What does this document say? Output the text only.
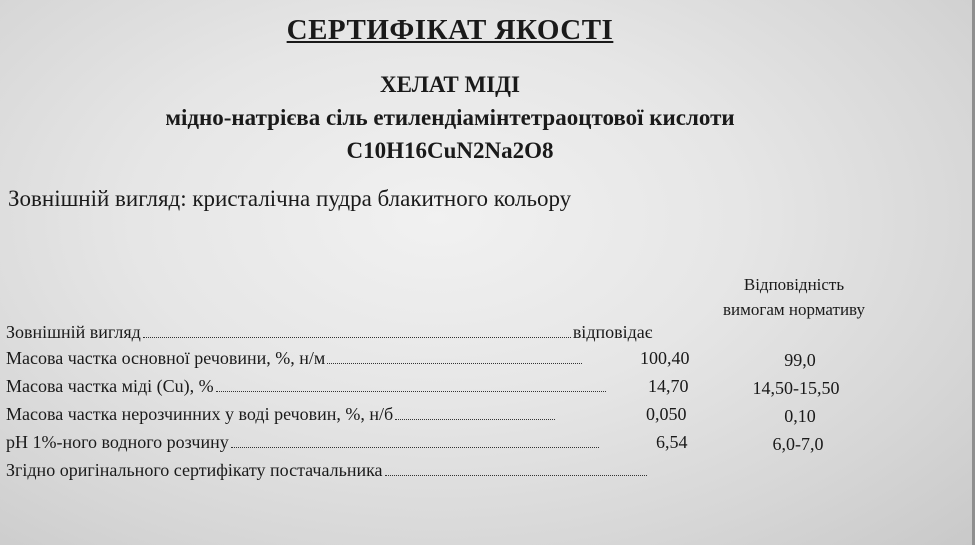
СЕРТИФІКАТ ЯКОСТІ
ХЕЛАТ МІДІ
мідно-натрієва сіль етилендіамінтетраоцтової кислоти
C10H16CuN2Na2O8
Зовнішній вигляд: кристалічна пудра блакитного кольору
Відповідність
вимогам нормативу
Зовнішній вигляд	відповідає
Масова частка основної речовини, %, н/м	100,40	99,0
Масова частка міді (Cu), %	14,70	14,50-15,50
Масова частка нерозчинних у воді речовин, %, н/б	0,050	0,10
pH 1%-ного водного розчину	6,54	6,0-7,0
Згідно оригінального сертифікату постачальника
